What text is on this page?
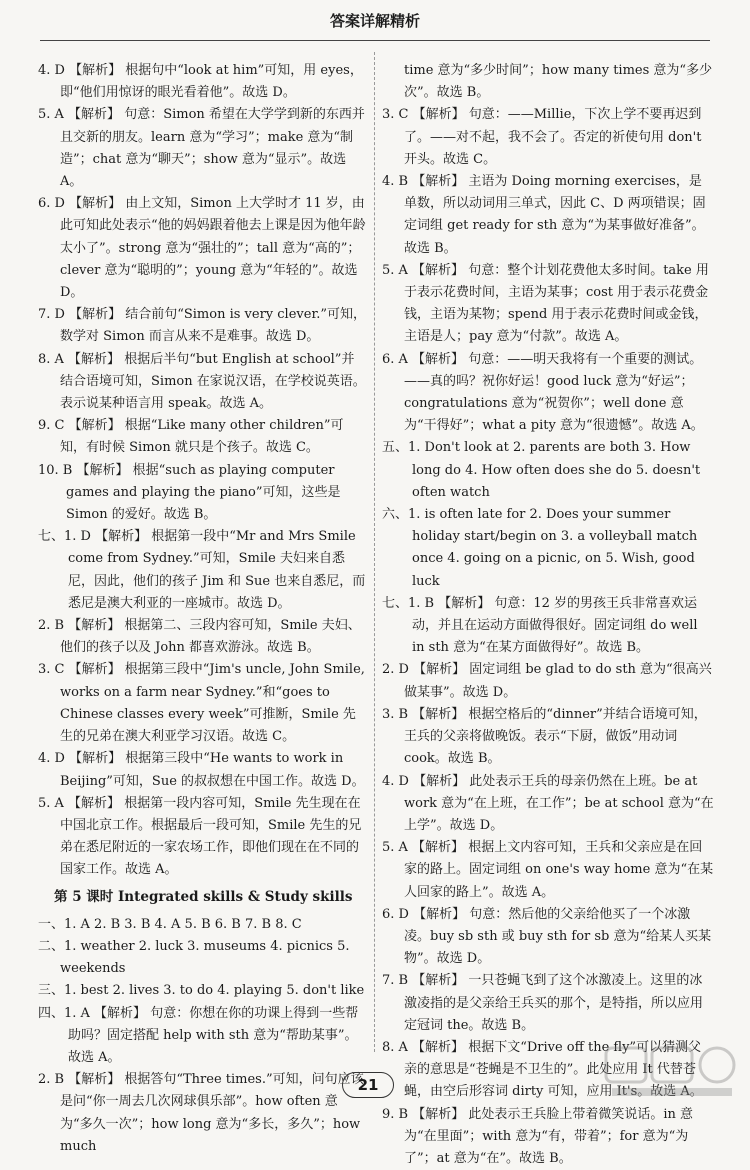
答案详解精析

4. D 【解析】 根据句中“look at him”可知，用 eyes，即“他们用惊讶的眼光看着他”。故选 D。

5. A 【解析】 句意：Simon 希望在大学学到新的东西并且交新的朋友。learn 意为“学习”；make 意为“制造”；chat 意为“聊天”；show 意为“显示”。故选 A。

6. D 【解析】 由上文知，Simon 上大学时才 11 岁，由此可知此处表示“他的妈妈跟着他去上课是因为他年龄太小了”。strong 意为“强壮的”；tall 意为“高的”；clever 意为“聪明的”；young 意为“年轻的”。故选 D。

7. D 【解析】 结合前句“Simon is very clever.”可知，数学对 Simon 而言从来不是难事。故选 D。

8. A 【解析】 根据后半句“but English at school”并结合语境可知，Simon 在家说汉语，在学校说英语。表示说某种语言用 speak。故选 A。

9. C 【解析】 根据“Like many other children”可知，有时候 Simon 就只是个孩子。故选 C。

10. B 【解析】 根据“such as playing computer games and playing the piano”可知，这些是 Simon 的爱好。故选 B。

七、1. D 【解析】 根据第一段中“Mr and Mrs Smile come from Sydney.”可知，Smile 夫妇来自悉尼，因此，他们的孩子 Jim 和 Sue 也来自悉尼，而悉尼是澳大利亚的一座城市。故选 D。

2. B 【解析】 根据第二、三段内容可知，Smile 夫妇、他们的孩子以及 John 都喜欢游泳。故选 B。

3. C 【解析】 根据第三段中“Jim's uncle, John Smile, works on a farm near Sydney.”和“goes to Chinese classes every week”可推断，Smile 先生的兄弟在澳大利亚学习汉语。故选 C。

4. D 【解析】 根据第三段中“He wants to work in Beijing”可知，Sue 的叔叔想在中国工作。故选 D。

5. A 【解析】 根据第一段内容可知，Smile 先生现在在中国北京工作。根据最后一段可知，Smile 先生的兄弟在悉尼附近的一家农场工作，即他们现在在不同的国家工作。故选 A。

第 5 课时 Integrated skills & Study skills

一、1. A 2. B 3. B 4. A 5. B 6. B 7. B 8. C

二、1. weather 2. luck 3. museums 4. picnics 5. weekends

三、1. best 2. lives 3. to do 4. playing 5. don't like

四、1. A 【解析】 句意：你想在你的功课上得到一些帮助吗？固定搭配 help with sth 意为“帮助某事”。故选 A。

2. B 【解析】 根据答句“Three times.”可知，问句应该是问“你一周去几次网球俱乐部”。how often 意为“多久一次”；how long 意为“多长，多久”；how much

time 意为“多少时间”；how many times 意为“多少次”。故选 B。

3. C 【解析】 句意：——Millie，下次上学不要再迟到了。——对不起，我不会了。否定的祈使句用 don't 开头。故选 C。

4. B 【解析】 主语为 Doing morning exercises，是单数，所以动词用三单式，因此 C、D 两项错误；固定词组 get ready for sth 意为“为某事做好准备”。故选 B。

5. A 【解析】 句意：整个计划花费他太多时间。take 用于表示花费时间，主语为某事；cost 用于表示花费金钱，主语为某物；spend 用于表示花费时间或金钱，主语是人；pay 意为“付款”。故选 A。

6. A 【解析】 句意：——明天我将有一个重要的测试。——真的吗？祝你好运！good luck 意为“好运”；congratulations 意为“祝贺你”；well done 意为“干得好”；what a pity 意为“很遗憾”。故选 A。

五、1. Don't look at 2. parents are both 3. How long do 4. How often does she do 5. doesn't often watch

六、1. is often late for 2. Does your summer holiday start/begin on 3. a volleyball match once 4. going on a picnic, on 5. Wish, good luck

七、1. B 【解析】 句意：12 岁的男孩王兵非常喜欢运动，并且在运动方面做得很好。固定词组 do well in sth 意为“在某方面做得好”。故选 B。

2. D 【解析】 固定词组 be glad to do sth 意为“很高兴做某事”。故选 D。

3. B 【解析】 根据空格后的“dinner”并结合语境可知，王兵的父亲将做晚饭。表示“下厨，做饭”用动词 cook。故选 B。

4. D 【解析】 此处表示王兵的母亲仍然在上班。be at work 意为“在上班，在工作”；be at school 意为“在上学”。故选 D。

5. A 【解析】 根据上文内容可知，王兵和父亲应是在回家的路上。固定词组 on one's way home 意为“在某人回家的路上”。故选 A。

6. D 【解析】 句意：然后他的父亲给他买了一个冰激凌。buy sb sth 或 buy sth for sb 意为“给某人买某物”。故选 D。

7. B 【解析】 一只苍蝇飞到了这个冰激凌上。这里的冰激凌指的是父亲给王兵买的那个，是特指，所以应用定冠词 the。故选 B。

8. A 【解析】 根据下文“Drive off the fly”可以猜测父亲的意思是“苍蝇是不卫生的”。此处应用 It 代替苍蝇，由空后形容词 dirty 可知，应用 It's。故选 A。

9. B 【解析】 此处表示王兵脸上带着微笑说话。in 意为“在里面”；with 意为“有，带着”；for 意为“为了”；at 意为“在”。故选 B。

21
